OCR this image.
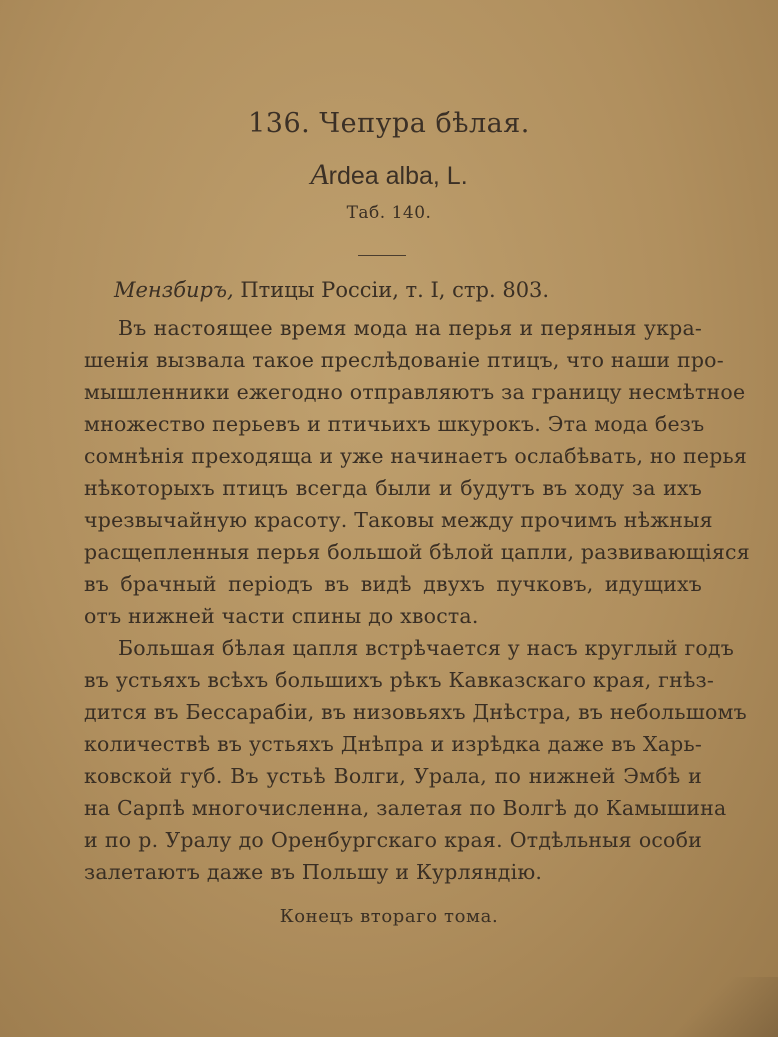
136. Чепура бѣлая.
Ardea alba, L.
Таб. 140.
Мензбиръ, Птицы Россіи, т. I, стр. 803.
Въ настоящее время мода на перья и перяныя укра-
шенія вызвала такое преслѣдованіе птицъ, что наши про-
мышленники ежегодно отправляютъ за границу несмѣтное
множество перьевъ и птичьихъ шкурокъ. Эта мода безъ
сомнѣнія преходяща и уже начинаетъ ослабѣвать, но перья
нѣкоторыхъ птицъ всегда были и будутъ въ ходу за ихъ
чрезвычайную красоту. Таковы между прочимъ нѣжныя
расщепленныя перья большой бѣлой цапли, развивающіяся
въ брачный періодъ въ видѣ двухъ пучковъ, идущихъ
отъ нижней части спины до хвоста.
Большая бѣлая цапля встрѣчается у насъ круглый годъ
въ устьяхъ всѣхъ большихъ рѣкъ Кавказскаго края, гнѣз-
дится въ Бессарабіи, въ низовьяхъ Днѣстра, въ небольшомъ
количествѣ въ устьяхъ Днѣпра и изрѣдка даже въ Харь-
ковской губ. Въ устьѣ Волги, Урала, по нижней Эмбѣ и
на Сарпѣ многочисленна, залетая по Волгѣ до Камышина
и по р. Уралу до Оренбургскаго края. Отдѣльныя особи
залетаютъ даже въ Польшу и Курляндію.
Конецъ втораго тома.
